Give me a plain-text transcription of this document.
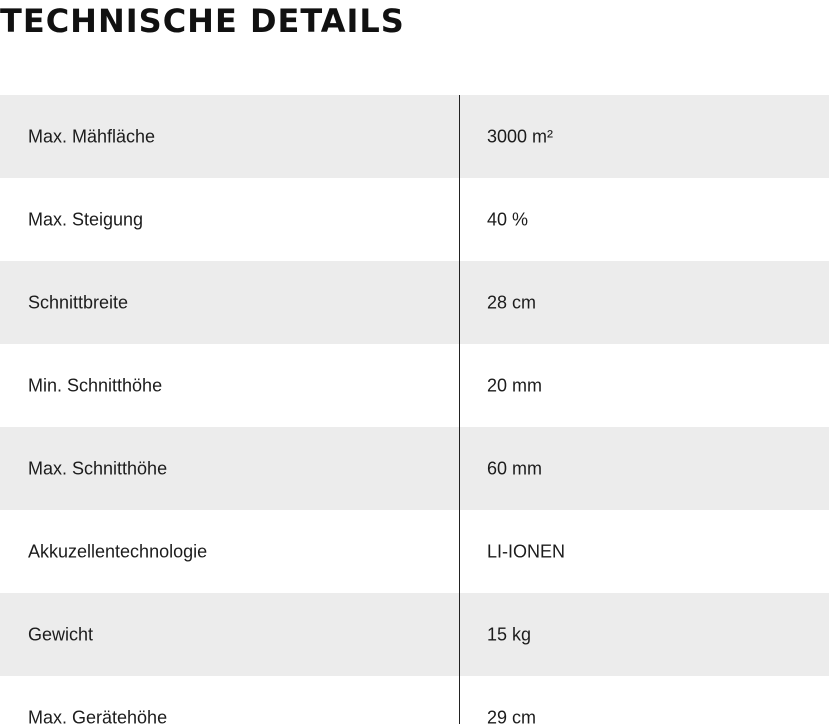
TECHNISCHE DETAILS
Max. Mähfläche	3000 m²
Max. Steigung	40 %
Schnittbreite	28 cm
Min. Schnitthöhe	20 mm
Max. Schnitthöhe	60 mm
Akkuzellentechnologie	LI-IONEN
Gewicht	15 kg
Max. Gerätehöhe	29 cm
